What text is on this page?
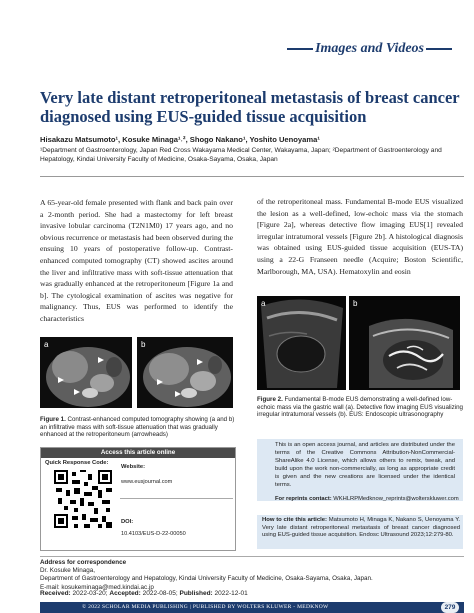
Images and Videos
Very late distant retroperitoneal metastasis of breast cancer diagnosed using EUS-guided tissue acquisition
Hisakazu Matsumoto¹, Kosuke Minaga¹˒², Shogo Nakano¹, Yoshito Uenoyama¹
¹Department of Gastroenterology, Japan Red Cross Wakayama Medical Center, Wakayama, Japan; ²Department of Gastroenterology and Hepatology, Kindai University Faculty of Medicine, Osaka-Sayama, Osaka, Japan
A 65-year-old female presented with flank and back pain over a 2-month period. She had a mastectomy for left breast invasive lobular carcinoma (T2N1M0) 17 years ago, and no obvious recurrence or metastasis had been observed during the ensuing 10 years of postoperative follow-up. Contrast-enhanced computed tomography (CT) showed ascites around the liver and infiltrative mass with soft-tissue attenuation that was gradually enhanced at the retroperitoneum [Figure 1a and b]. The cytological examination of ascites was negative for malignancy. Thus, EUS was performed to identify the characteristics
of the retroperitoneal mass. Fundamental B-mode EUS visualized the lesion as a well-defined, low-echoic mass via the stomach [Figure 2a], whereas detective flow imaging EUS[1] revealed irregular intratumoral vessels [Figure 2b]. A histological diagnosis was obtained using EUS-guided tissue acquisition (EUS-TA) using a 22-G Franseen needle (Acquire; Boston Scientific, Marlborough, MA, USA). Hematoxylin and eosin
a	b
Figure 1. Contrast-enhanced computed tomography showing (a and b) an infiltrative mass with soft-tissue attenuation that was gradually enhanced at the retroperitoneum (arrowheads)
a	b
Figure 2. Fundamental B-mode EUS demonstrating a well-defined low-echoic mass via the gastric wall (a). Detective flow imaging EUS visualizing irregular intratumoral vessels (b). EUS: Endoscopic ultrasonography
Access this article online
Quick Response Code:
Website:
www.eusjournal.com
DOI:
10.4103/EUS-D-22-00050
This is an open access journal, and articles are distributed under the terms of the Creative Commons Attribution-NonCommercial-ShareAlike 4.0 License, which allows others to remix, tweak, and build upon the work non-commercially, as long as appropriate credit is given and the new creations are licensed under the identical terms.
For reprints contact: WKHLRPMedknow_reprints@wolterskluwer.com
How to cite this article: Matsumoto H, Minaga K, Nakano S, Uenoyama Y. Very late distant retroperitoneal metastasis of breast cancer diagnosed using EUS-guided tissue acquisition. Endosc Ultrasound 2023;12:279-80.
Address for correspondence
Dr. Kosuke Minaga,
Department of Gastroenterology and Hepatology, Kindai University Faculty of Medicine, Osaka-Sayama, Osaka, Japan.
E-mail: kosukeminaga@med.kindai.ac.jp
Received: 2022-03-20; Accepted: 2022-08-05; Published: 2022-12-01
© 2022 SCHOLAR MEDIA PUBLISHING | PUBLISHED BY WOLTERS KLUWER - MEDKNOW	279
